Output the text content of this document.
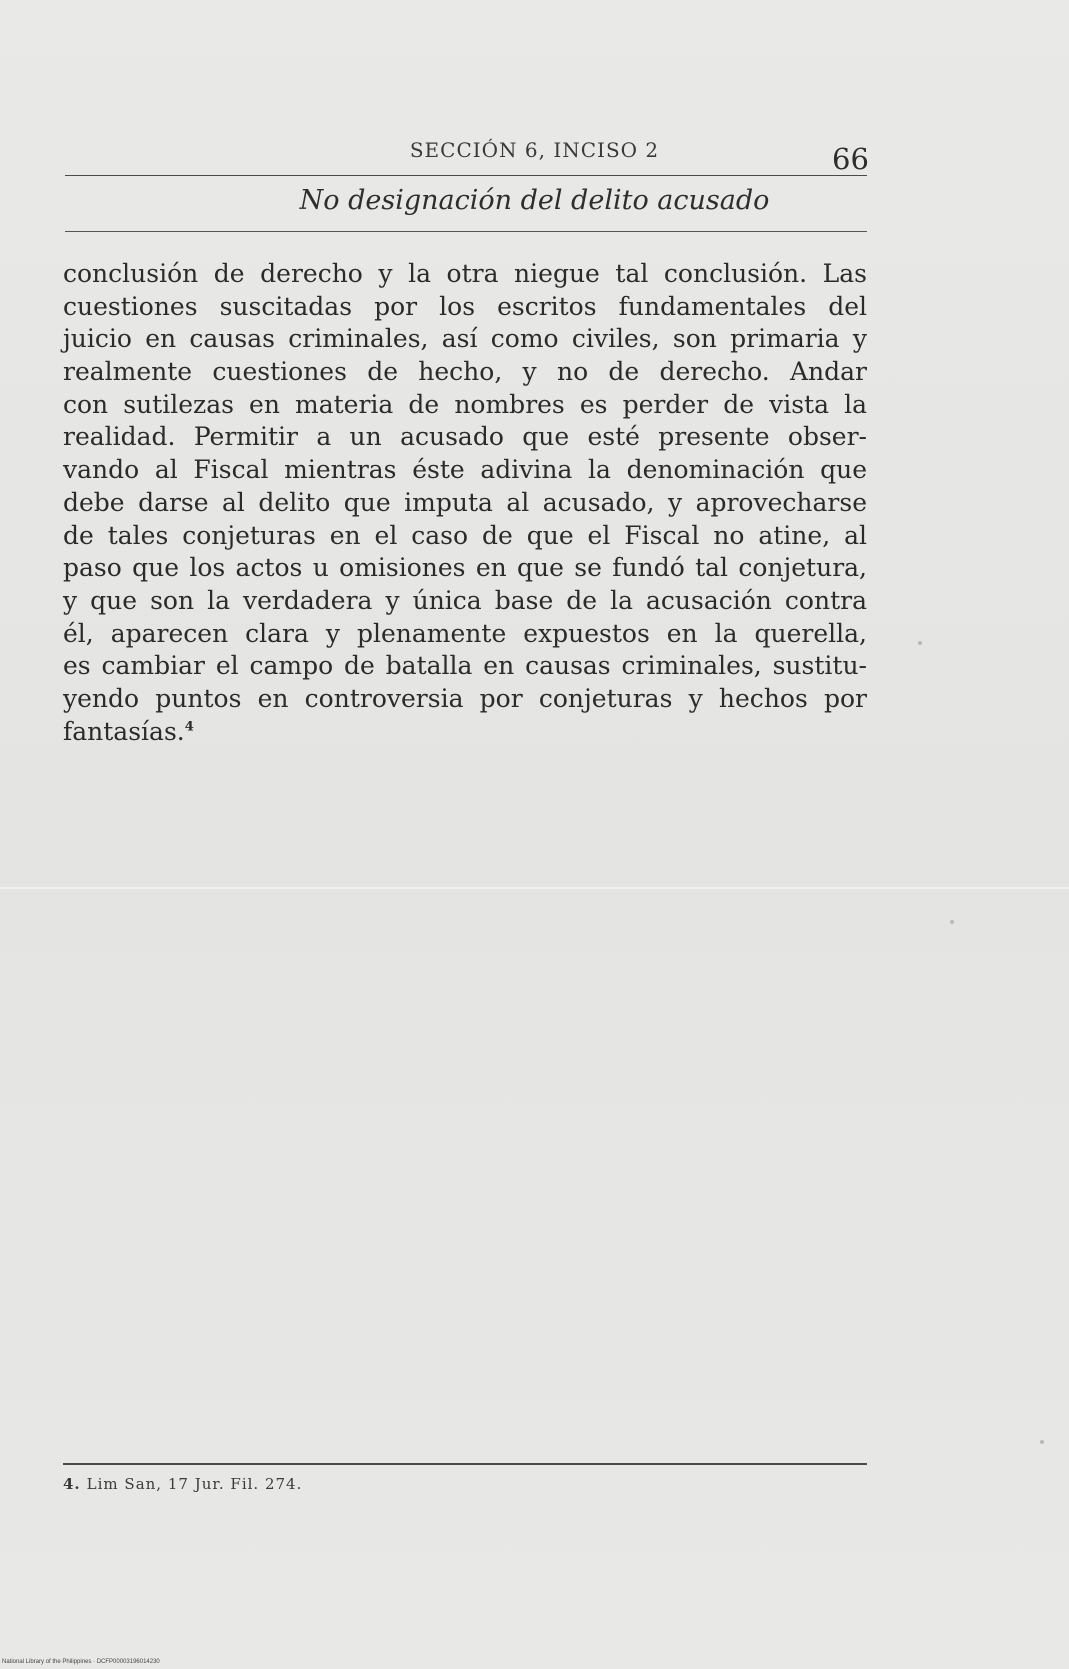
SECCIÓN 6, INCISO 2	66
No designación del delito acusado
conclusión de derecho y la otra niegue tal conclusión. Las
cuestiones suscitadas por los escritos fundamentales del
juicio en causas criminales, así como civiles, son primaria y
realmente cuestiones de hecho, y no de derecho. Andar
con sutilezas en materia de nombres es perder de vista la
realidad. Permitir a un acusado que esté presente obser-
vando al Fiscal mientras éste adivina la denominación que
debe darse al delito que imputa al acusado, y aprovecharse
de tales conjeturas en el caso de que el Fiscal no atine, al
paso que los actos u omisiones en que se fundó tal conjetura,
y que son la verdadera y única base de la acusación contra
él, aparecen clara y plenamente expuestos en la querella,
es cambiar el campo de batalla en causas criminales, sustitu-
yendo puntos en controversia por conjeturas y hechos por
fantasías.$^4$
4. Lim San, 17 Jur. Fil. 274.
National Library of the Philippines · DCFP00003196014230
